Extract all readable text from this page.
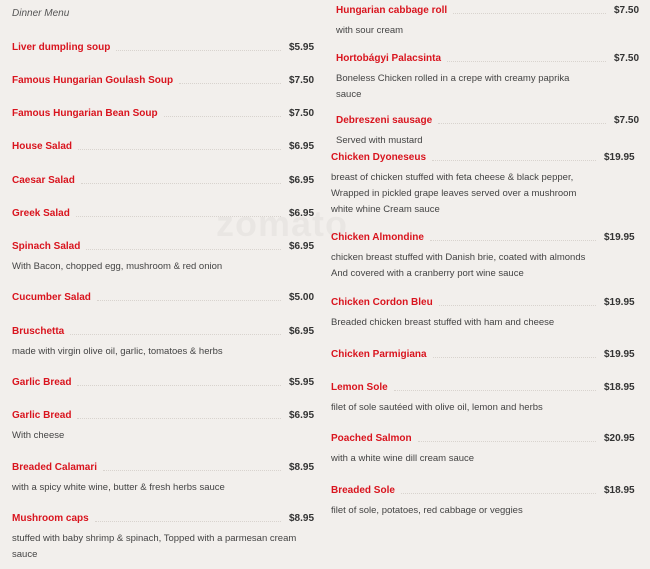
Dinner Menu
Liver dumpling soup	$5.95
Famous Hungarian Goulash Soup	$7.50
Famous Hungarian Bean Soup	$7.50
House Salad	$6.95
Caesar Salad	$6.95
Greek Salad	$6.95
Spinach Salad	$6.95
With Bacon, chopped egg, mushroom & red onion
Cucumber Salad	$5.00
Bruschetta	$6.95
made with virgin olive oil, garlic, tomatoes & herbs
Garlic Bread	$5.95
Garlic Bread	$6.95
With cheese
Breaded Calamari	$8.95
with a spicy white wine, butter & fresh herbs sauce
Mushroom caps	$8.95
stuffed with baby shrimp & spinach, Topped with a parmesan cream sauce
Hungarian cabbage roll	$7.50
with sour cream
Hortobágyi Palacsinta	$7.50
Boneless Chicken rolled in a crepe with creamy paprika sauce
Debreszeni sausage	$7.50
Served with mustard
Chicken Dyoneseus	$19.95
breast of chicken stuffed with feta cheese & black pepper, Wrapped in pickled grape leaves served over a mushroom white whine Cream sauce
Chicken Almondine	$19.95
chicken breast stuffed with Danish brie, coated with almonds And covered with a cranberry port wine sauce
Chicken Cordon Bleu	$19.95
Breaded chicken breast stuffed with ham and cheese
Chicken Parmigiana	$19.95
Lemon Sole	$18.95
filet of sole sautéed with olive oil, lemon and herbs
Poached Salmon	$20.95
with a white wine dill cream sauce
Breaded Sole	$18.95
filet of sole, potatoes, red cabbage or veggies
